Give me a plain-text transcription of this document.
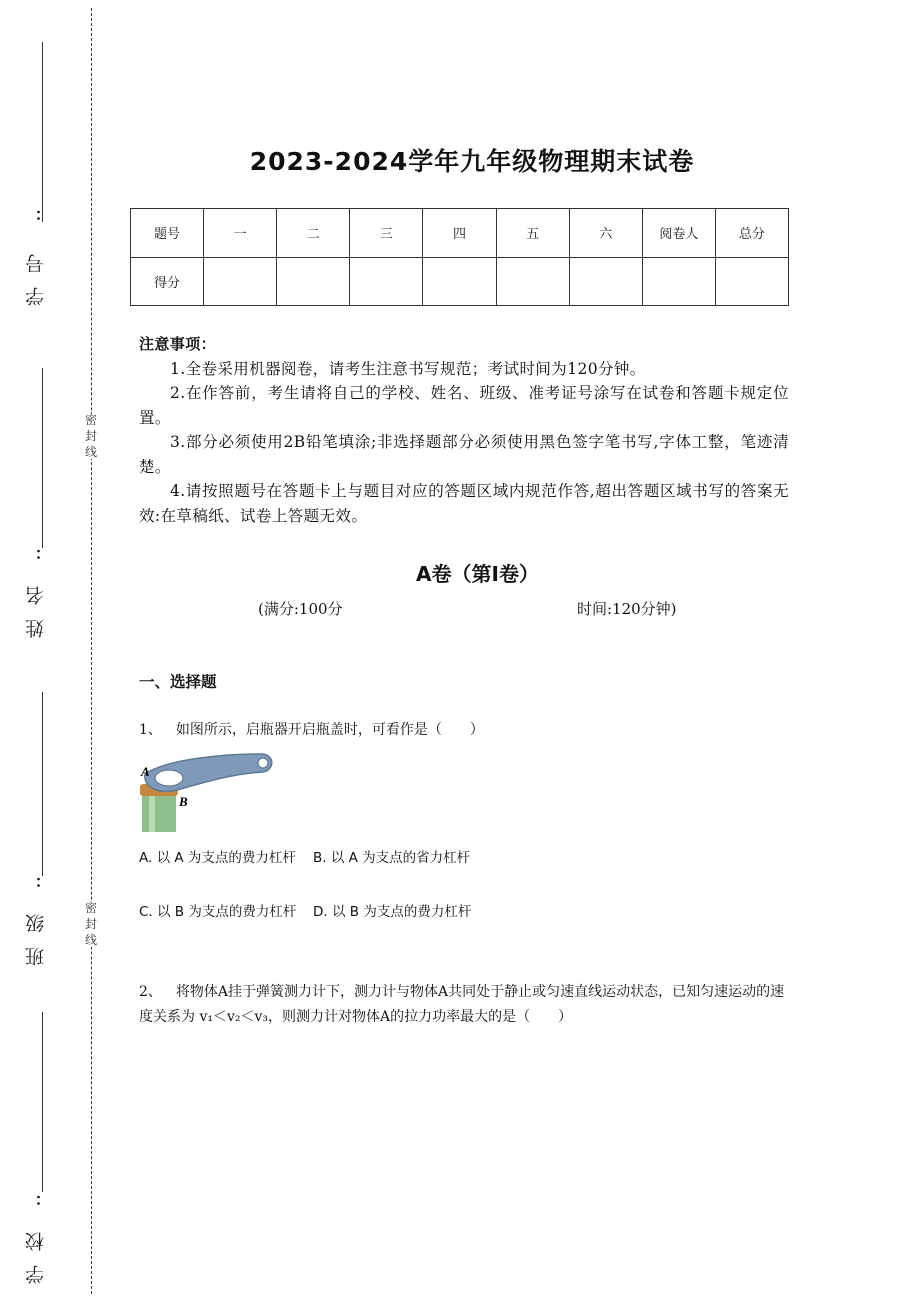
：
学号
：
姓名
：
班级
：
学校
密
封
线
密
封
线
2023-2024学年九年级物理期末试卷
题号	一	二	三	四	五	六	阅卷人	总分
得分								
注意事项：

1.全卷采用机器阅卷，请考生注意书写规范；考试时间为120分钟。

2.在作答前，考生请将自己的学校、姓名、班级、准考证号涂写在试卷和答题卡规定位置。

3.部分必须使用2B铅笔填涂;非选择题部分必须使用黑色签字笔书写,字体工整，笔迹清楚。

4.请按照题号在答题卡上与题目对应的答题区域内规范作答,超出答题区域书写的答案无效:在草稿纸、试卷上答题无效。

A卷（第I卷）
(满分:100分	时间:120分钟)
一、选择题
1、 如图所示，启瓶器开启瓶盖时，可看作是（　　）
A
B
A. 以 A 为支点的费力杠杆 B. 以 A 为支点的省力杠杆
C. 以 B 为支点的费力杠杆 D. 以 B 为支点的费力杠杆
2、 将物体A挂于弹簧测力计下，测力计与物体A共同处于静止或匀速直线运动状态，已知匀速运动的速度关系为 v₁＜v₂＜v₃，则测力计对物体A的拉力功率最大的是（　　）
